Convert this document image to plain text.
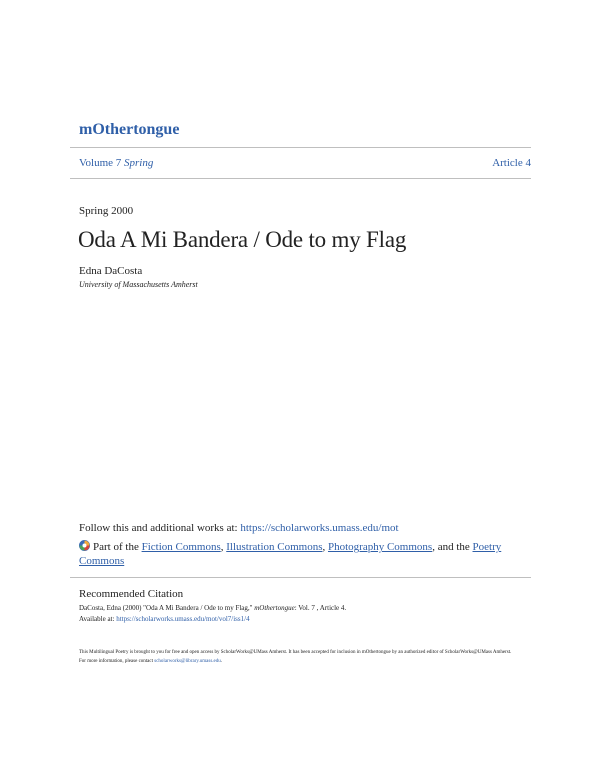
mOthertongue
Volume 7 Spring	Article 4
Spring 2000
Oda A Mi Bandera / Ode to my Flag
Edna DaCosta
University of Massachusetts Amherst
Follow this and additional works at: https://scholarworks.umass.edu/mot
Part of the Fiction Commons, Illustration Commons, Photography Commons, and the Poetry
Commons
Recommended Citation
DaCosta, Edna (2000) "Oda A Mi Bandera / Ode to my Flag," mOthertongue: Vol. 7 , Article 4.
Available at: https://scholarworks.umass.edu/mot/vol7/iss1/4
This Multilingual Poetry is brought to you for free and open access by ScholarWorks@UMass Amherst. It has been accepted for inclusion in mOthertongue by an authorized editor of ScholarWorks@UMass Amherst. For more information, please contact scholarworks@library.umass.edu.
